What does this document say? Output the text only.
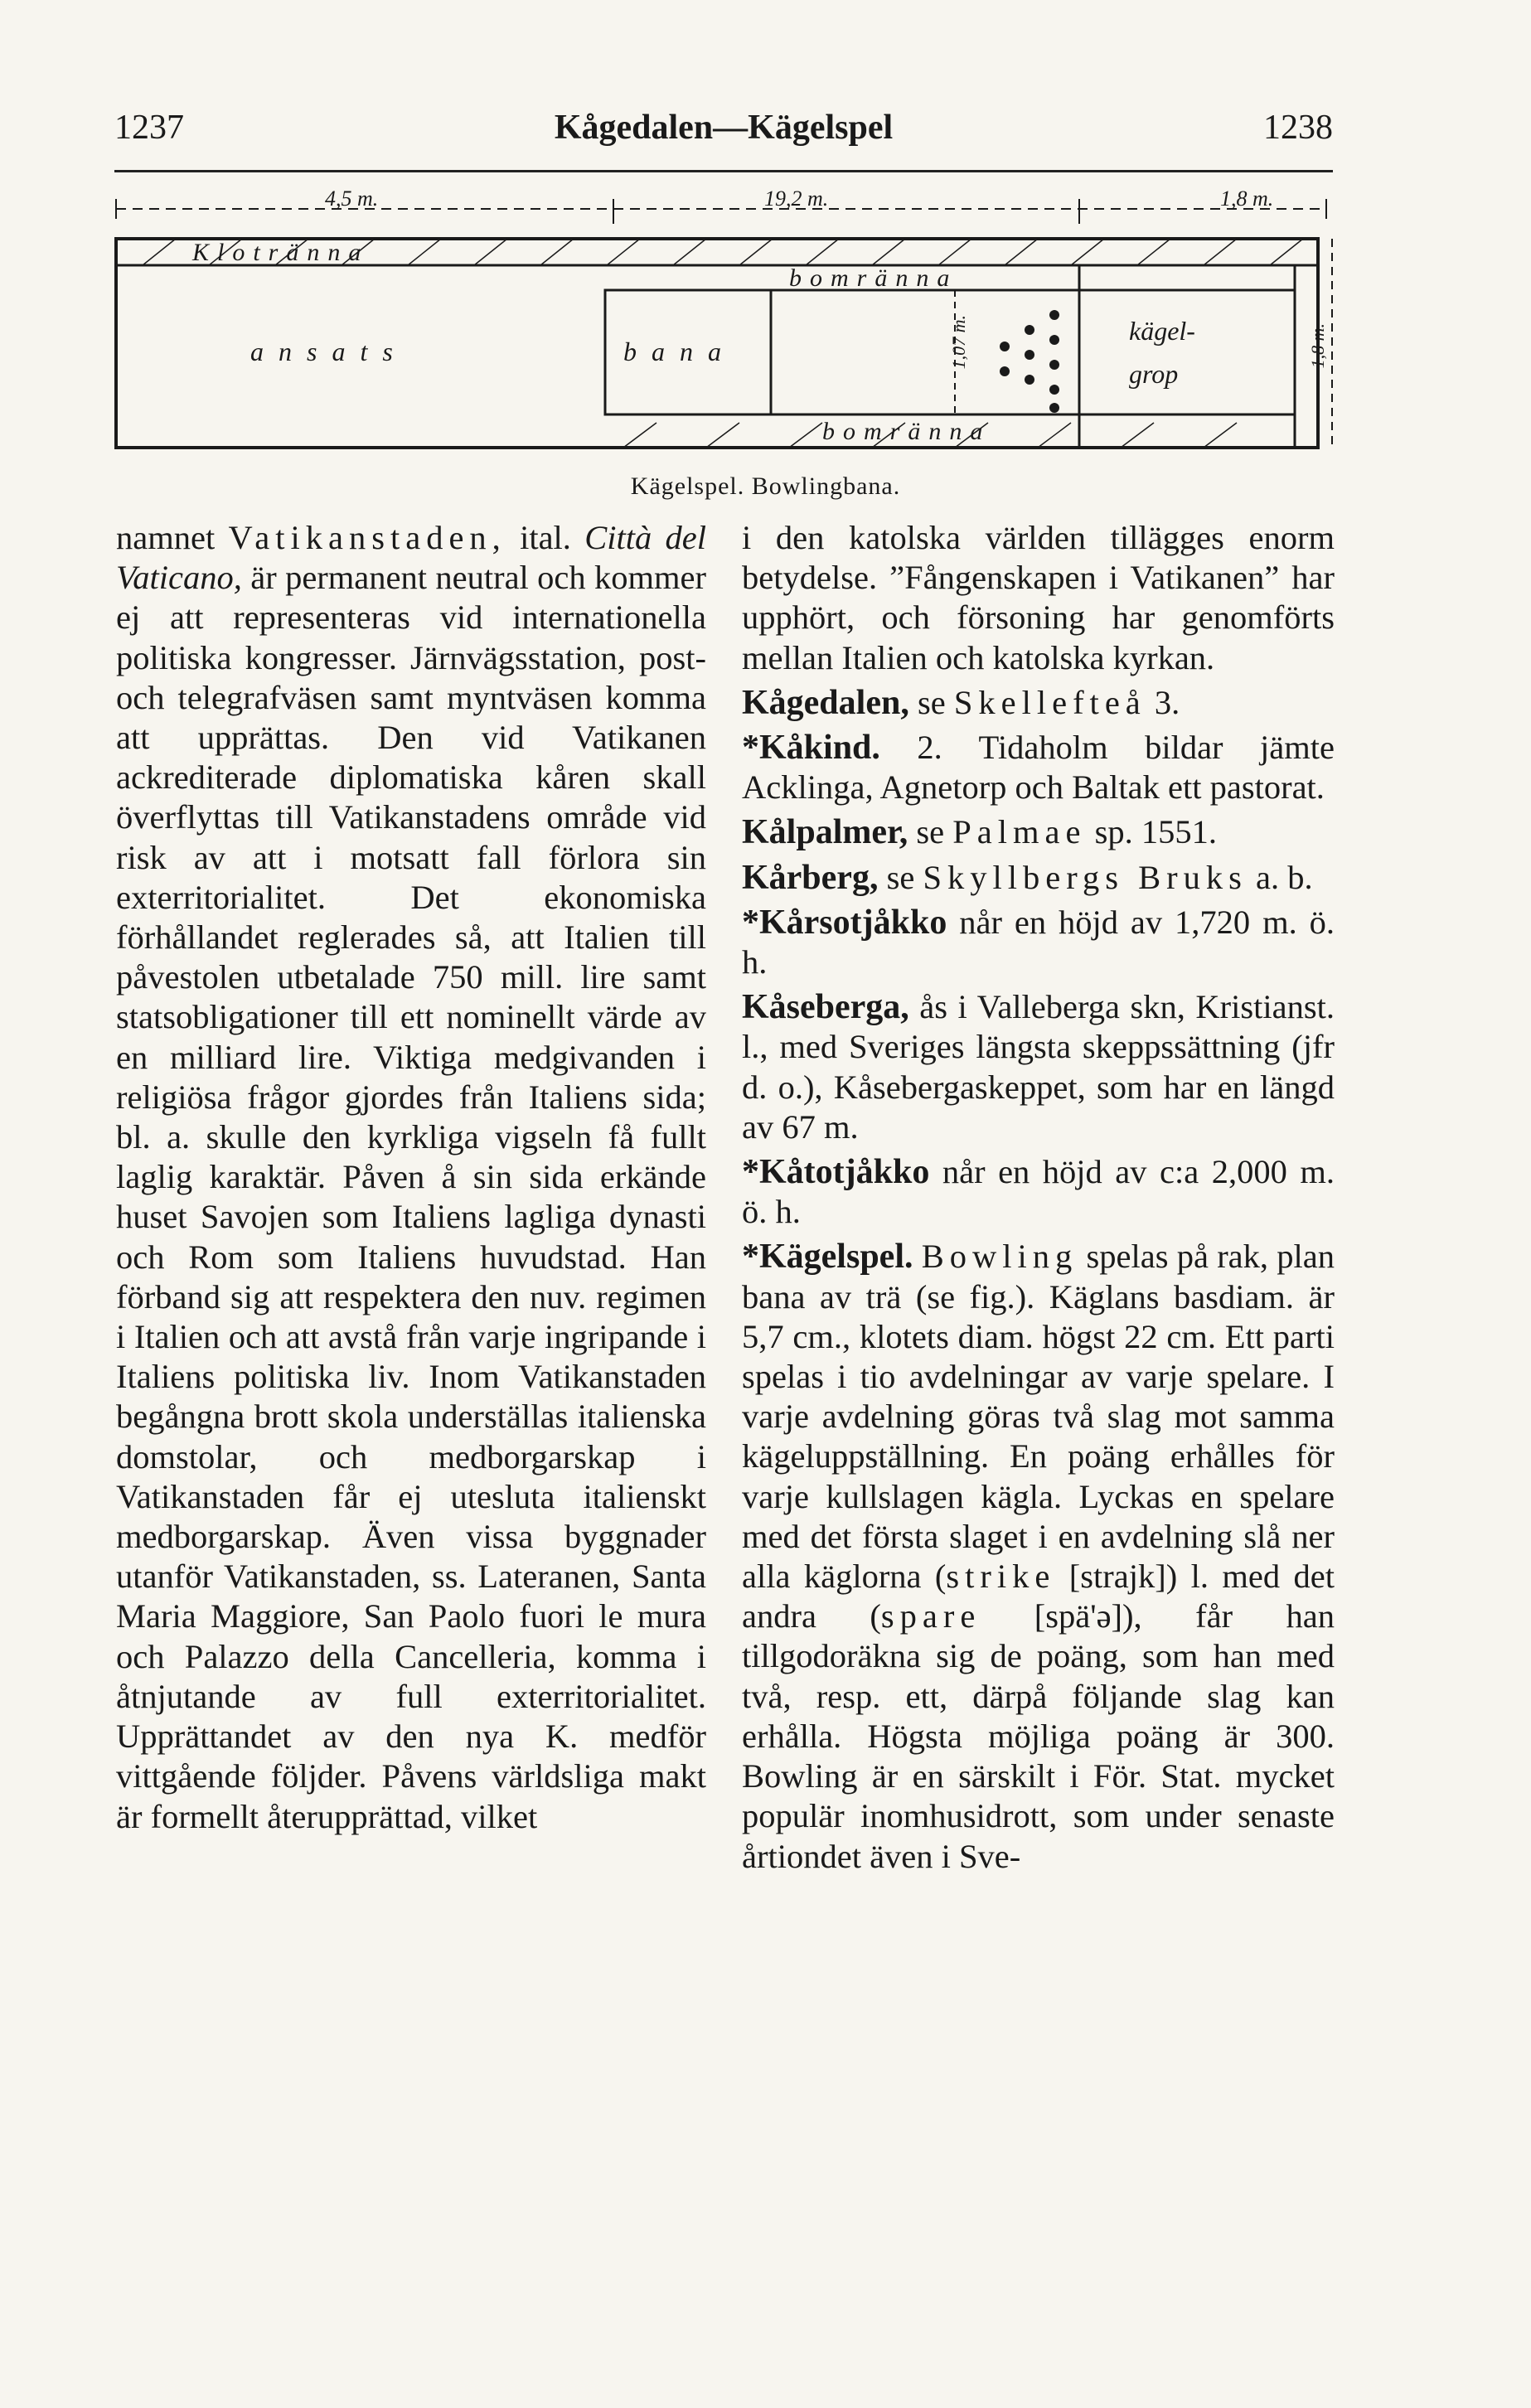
1237	Kågedalen—Kägelspel	1238
4,5 m.	19,2 m.	1,8 m.
Klotränna
ansats	bana
bomränna
bomränna
kägel-
grop
1,07 m.	1,8 m.
Kägelspel. Bowlingbana.

namnet Vatikanstaden, ital. Città del Vaticano, är permanent neutral och kommer ej att representeras vid internationella politiska kongresser. Järnvägsstation, post- och telegrafväsen samt myntväsen komma att upprättas. Den vid Vatikanen ackrediterade diplomatiska kåren skall överflyttas till Vatikanstadens område vid risk av att i motsatt fall förlora sin exterritorialitet. Det ekonomiska förhållandet reglerades så, att Italien till påvestolen utbetalade 750 mill. lire samt statsobligationer till ett nominellt värde av en milliard lire. Viktiga medgivanden i religiösa frågor gjordes från Italiens sida; bl. a. skulle den kyrkliga vigseln få fullt laglig karaktär. Påven å sin sida erkände huset Savojen som Italiens lagliga dynasti och Rom som Italiens huvudstad. Han förband sig att respektera den nuv. regimen i Italien och att avstå från varje ingripande i Italiens politiska liv. Inom Vatikanstaden begångna brott skola underställas italienska domstolar, och medborgarskap i Vatikanstaden får ej utesluta italienskt medborgarskap. Även vissa byggnader utanför Vatikanstaden, ss. Lateranen, Santa Maria Maggiore, San Paolo fuori le mura och Palazzo della Cancelleria, komma i åtnjutande av full exterritorialitet. Upprättandet av den nya K. medför vittgående följder. Påvens världsliga makt är formellt återupprättad, vilket

i den katolska världen tillägges enorm betydelse. ”Fångenskapen i Vatikanen” har upphört, och försoning har genomförts mellan Italien och katolska kyrkan.

Kågedalen, se Skellefteå 3.

*Kåkind. 2. Tidaholm bildar jämte Acklinga, Agnetorp och Baltak ett pastorat.

Kålpalmer, se Palmae sp. 1551.

Kårberg, se Skyllbergs Bruks a. b.

*Kårsotjåkko når en höjd av 1,720 m. ö. h.

Kåseberga, ås i Valleberga skn, Kristianst. l., med Sveriges längsta skeppssättning (jfr d. o.), Kåsebergaskeppet, som har en längd av 67 m.

*Kåtotjåkko når en höjd av c:a 2,000 m. ö. h.

*Kägelspel. Bowling spelas på rak, plan bana av trä (se fig.). Käglans basdiam. är 5,7 cm., klotets diam. högst 22 cm. Ett parti spelas i tio avdelningar av varje spelare. I varje avdelning göras två slag mot samma kägeluppställning. En poäng erhålles för varje kullslagen kägla. Lyckas en spelare med det första slaget i en avdelning slå ner alla käglorna (strike [strajk]) l. med det andra (spare [spä'ə]), får han tillgodoräkna sig de poäng, som han med två, resp. ett, därpå följande slag kan erhålla. Högsta möjliga poäng är 300. Bowling är en särskilt i För. Stat. mycket populär inomhusidrott, som under senaste årtiondet även i Sve-
